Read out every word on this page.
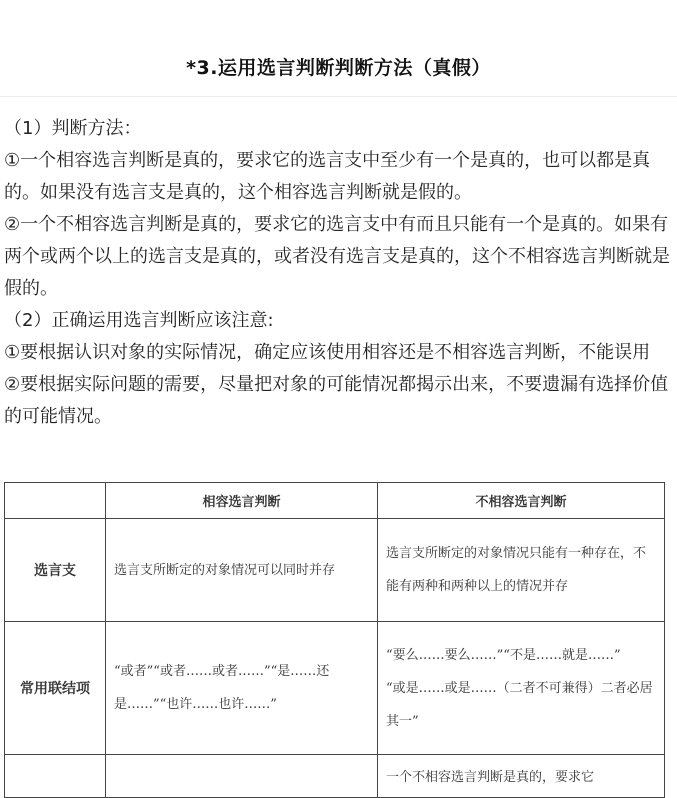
*3.运用选言判断判断方法（真假）

（1）判断方法：

①一个相容选言判断是真的，要求它的选言支中至少有一个是真的，也可以都是真的。如果没有选言支是真的，这个相容选言判断就是假的。

②一个不相容选言判断是真的，要求它的选言支中有而且只能有一个是真的。如果有两个或两个以上的选言支是真的，或者没有选言支是真的，这个不相容选言判断就是假的。

（2）正确运用选言判断应该注意:

①要根据认识对象的实际情况，确定应该使用相容还是不相容选言判断，不能误用

②要根据实际问题的需要，尽量把对象的可能情况都揭示出来，不要遗漏有选择价值的可能情况。

	相容选言判断	不相容选言判断
选言支	选言支所断定的对象情况可以同时并存	选言支所断定的对象情况只能有一种存在，不能有两种和两种以上的情况并存
常用联结项	“或者”“或者……或者……”“是……还是……”“也许……也许……”	“要么……要么……”“不是……就是……”
“或是……或是……（二者不可兼得）二者必居其一”

		一个不相容选言判断是真的，要求它
